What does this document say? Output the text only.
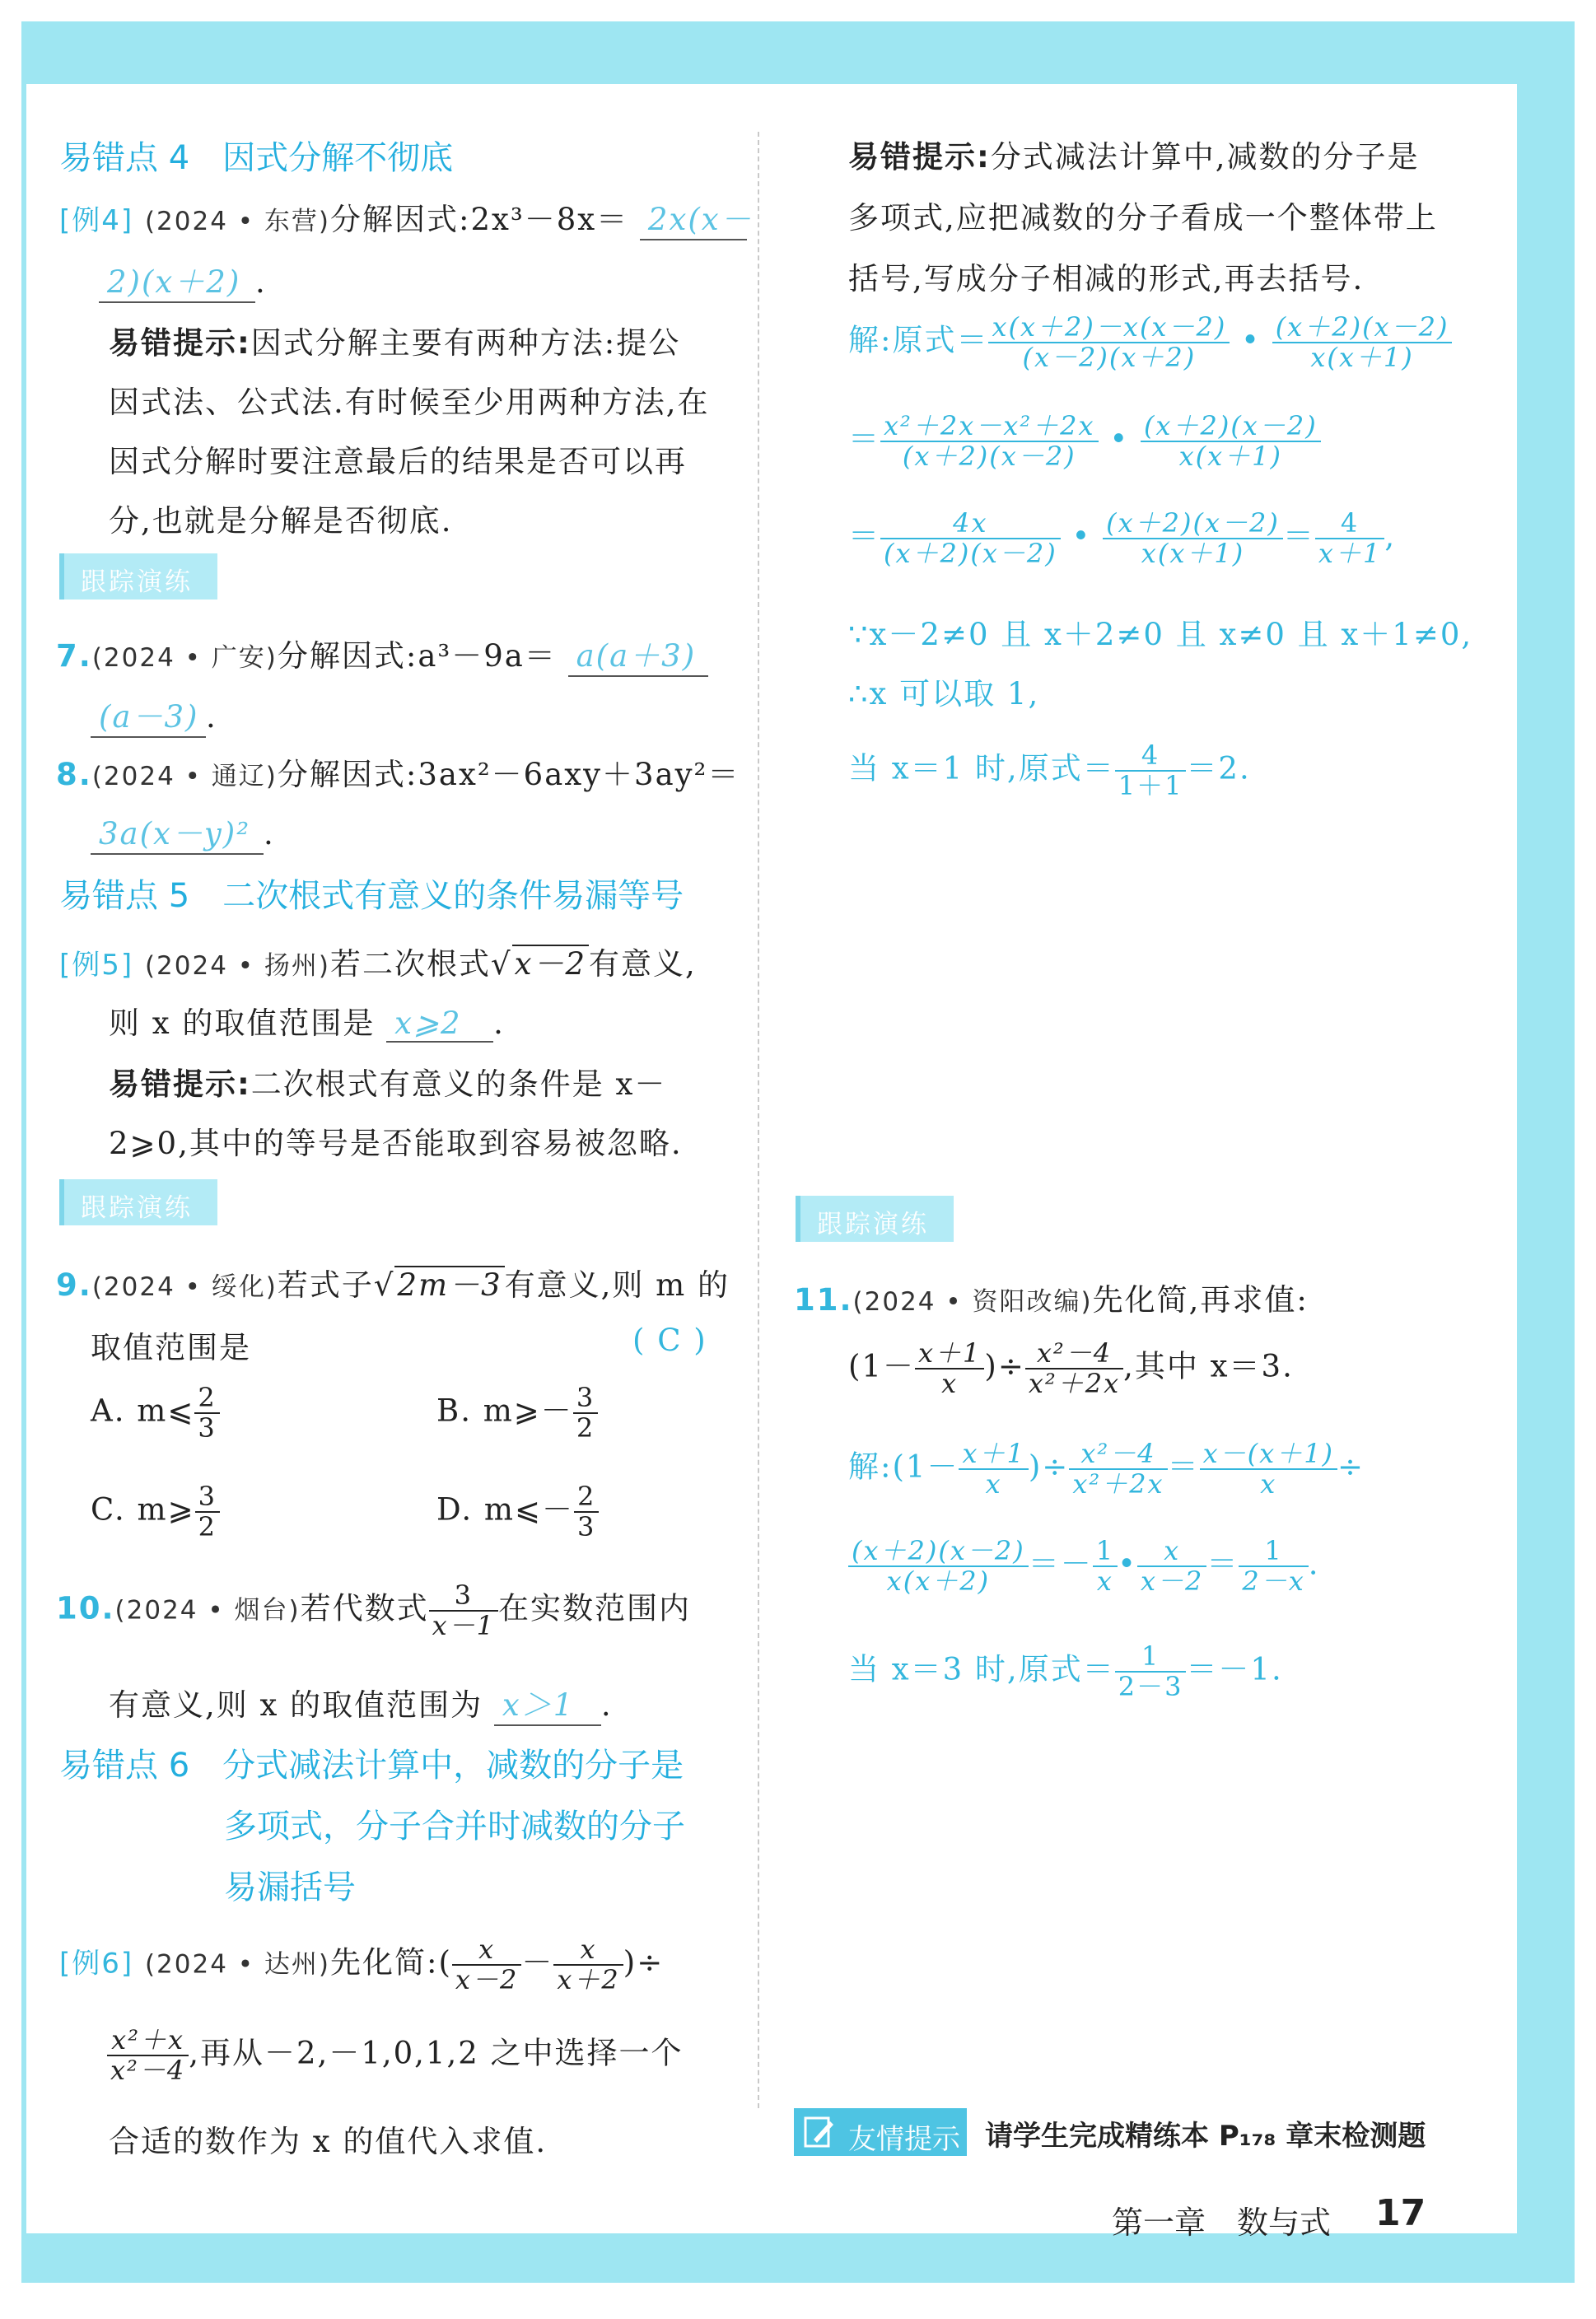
易错点 4　因式分解不彻底
[例4] (2024 • 东营)分解因式:2x³－8x＝ 2x(x－
2)(x＋2) .
易错提示:因式分解主要有两种方法:提公
因式法、公式法.有时候至少用两种方法,在
因式分解时要注意最后的结果是否可以再
分,也就是分解是否彻底.
跟踪演练
7.(2024 • 广安)分解因式:a³－9a＝ a(a＋3)
(a－3) .
8.(2024 • 通辽)分解因式:3ax²－6axy＋3ay²＝
3a(x－y)² .
易错点 5　二次根式有意义的条件易漏等号
[例5] (2024 • 扬州)若二次根式√x－2有意义,
则 x 的取值范围是 x⩾2 .
易错提示:二次根式有意义的条件是 x－
2⩾0,其中的等号是否能取到容易被忽略.
跟踪演练
9.(2024 • 绥化)若式子√2m－3有意义,则 m 的
取值范围是	( C )
A. m⩽ $\frac{2}{3}$	B. m⩾－ $\frac{3}{2}$
C. m⩾ $\frac{3}{2}$	D. m⩽－ $\frac{2}{3}$
10.(2024 • 烟台)若代数式 $\frac{3}{x-1}$ 在实数范围内
有意义,则 x 的取值范围为 x＞1 .
易错点 6　分式减法计算中，减数的分子是
多项式，分子合并时减数的分子
易漏括号
[例6] (2024 • 达州)先化简:( $\frac{x}{x-2} - \frac{x}{x+2}$ )÷
$\frac{\text{x²＋x}}{\text{x²－4}}$ ,再从－2,－1,0,1,2 之中选择一个
合适的数作为 x 的值代入求值.
易错提示:分式减法计算中,减数的分子是
多项式,应把减数的分子看成一个整体带上
括号,写成分子相减的形式,再去括号.
解:原式＝ $\frac{x(x+2)-x(x-2)}{(x-2)(x+2)}$ • $\frac{(x+2)(x-2)}{x(x+1)}$
＝ $\frac{\text{x²＋2x－x²＋2x}}{(x+2)(x-2)}$ • $\frac{(x+2)(x-2)}{x(x+1)}$
＝ $\frac{4x}{(x+2)(x-2)}$ • $\frac{(x+2)(x-2)}{x(x+1)} = \frac{4}{x+1}$ ,
∵x－2≠0 且 x＋2≠0 且 x≠0 且 x＋1≠0,
∴x 可以取 1,
当 x＝1 时,原式＝ $\frac{4}{1+1} =2$.
跟踪演练
11.(2024 • 资阳改编)先化简,再求值:
($1- \frac{x+1}{x}$ )÷ $\frac{\text{x²－4}}{\text{x²＋2x}}$ ,其中 x＝3.
解:(1－ $\frac{x+1}{x}$ )÷ $\frac{\text{x²－4}}{\text{x²＋2x}} = \frac{x-(x+1)}{x}$ ÷
$\frac{(x+2)(x-2)}{x(x+2)} =- \frac{1}{x}$ • $\frac{x}{x-2} = \frac{1}{2-x}$ .
当 x＝3 时,原式＝ $\frac{1}{2-3} =-1$.
友情提示 请学生完成精练本 P₁₇₈ 章末检测题
第一章　数与式 17
